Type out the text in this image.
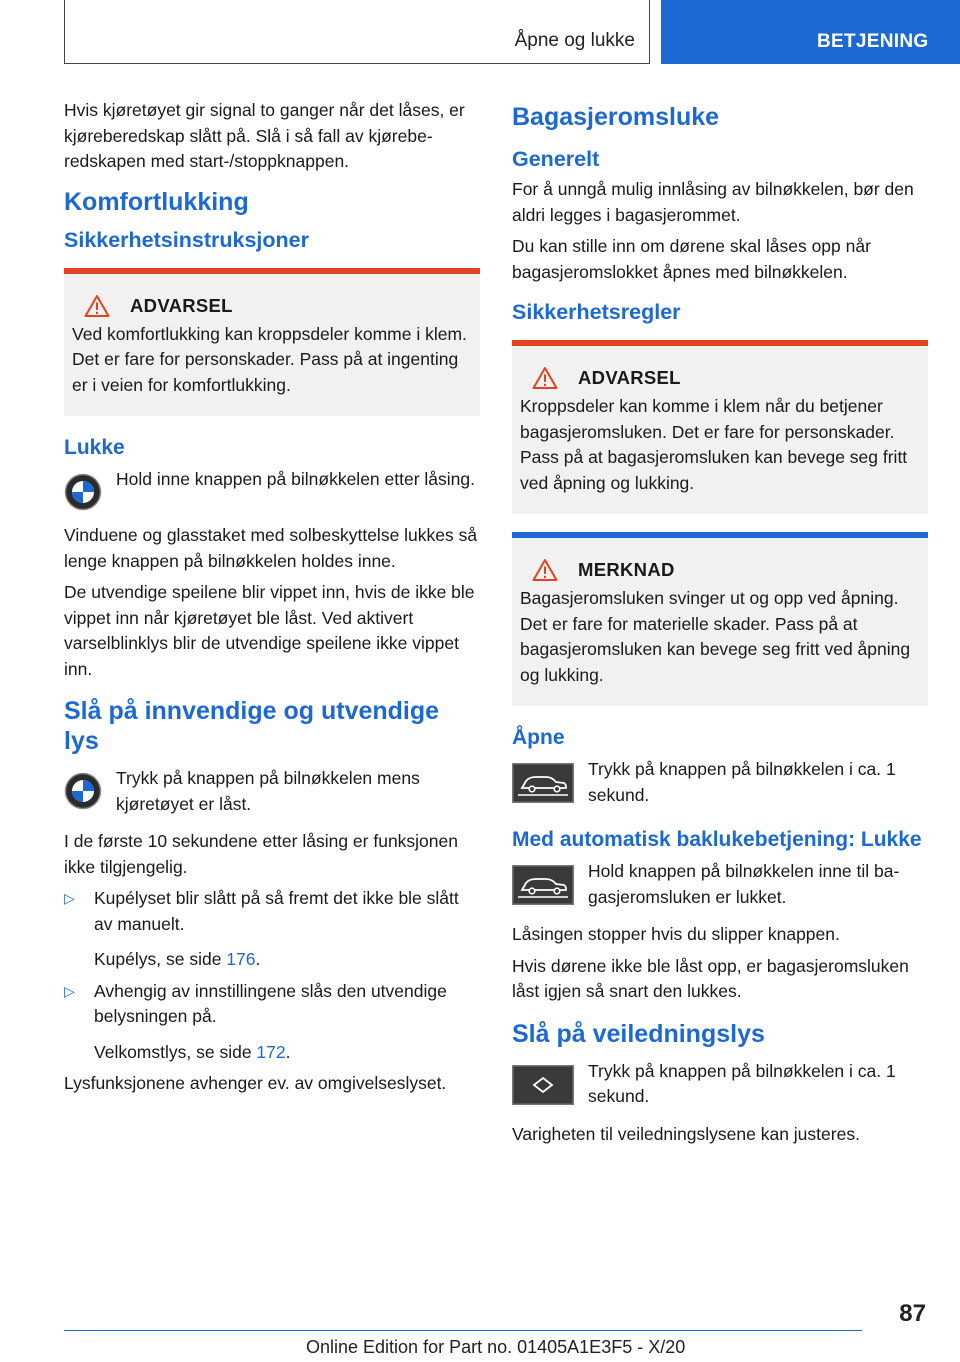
Åpne og lukke	BETJENING

Hvis kjøretøyet gir signal to ganger når det låses, er kjøreberedskap slått på. Slå i så fall av kjøreberedskapen med start-/stoppknappen.

Komfortlukking
Sikkerhetsinstruksjoner
ADVARSEL

Ved komfortlukking kan kroppsdeler komme i klem. Det er fare for personskader. Pass på at ingenting er i veien for komfortlukking.

Lukke

Hold inne knappen på bilnøkkelen etter låsing.

Vinduene og glasstaket med solbeskyttelse lukkes så lenge knappen på bilnøkkelen holdes inne.

De utvendige speilene blir vippet inn, hvis de ikke ble vippet inn når kjøretøyet ble låst. Ved aktivert varselblinklys blir de utvendige speilene ikke vippet inn.

Slå på innvendige og utvendige lys

Trykk på knappen på bilnøkkelen mens kjøretøyet er låst.

I de første 10 sekundene etter låsing er funksjonen ikke tilgjengelig.

▷	Kupélyset blir slått på så fremt det ikke ble slått av manuelt.

Kupélys, se side 176.

▷	Avhengig av innstillingene slås den utvendige belysningen på.

Velkomstlys, se side 172.

Lysfunksjonene avhenger ev. av omgivelseslyset.

Bagasjeromsluke
Generelt

For å unngå mulig innlåsing av bilnøkkelen, bør den aldri legges i bagasjerommet.

Du kan stille inn om dørene skal låses opp når bagasjeromslokket åpnes med bilnøkkelen.

Sikkerhetsregler
ADVARSEL

Kroppsdeler kan komme i klem når du betjener bagasjeromsluken. Det er fare for personskader. Pass på at bagasjeromsluken kan bevege seg fritt ved åpning og lukking.

MERKNAD

Bagasjeromsluken svinger ut og opp ved åpning. Det er fare for materielle skader. Pass på at bagasjeromsluken kan bevege seg fritt ved åpning og lukking.

Åpne

Trykk på knappen på bilnøkkelen i ca. 1 sekund.

Med automatisk baklukebetjening: Lukke

Hold knappen på bilnøkkelen inne til bagasjeromsluken er lukket.

Låsingen stopper hvis du slipper knappen.

Hvis dørene ikke ble låst opp, er bagasjeromsluken låst igjen så snart den lukkes.

Slå på veiledningslys

Trykk på knappen på bilnøkkelen i ca. 1 sekund.

Varigheten til veiledningslysene kan justeres.

87
Online Edition for Part no. 01405A1E3F5 - X/20
